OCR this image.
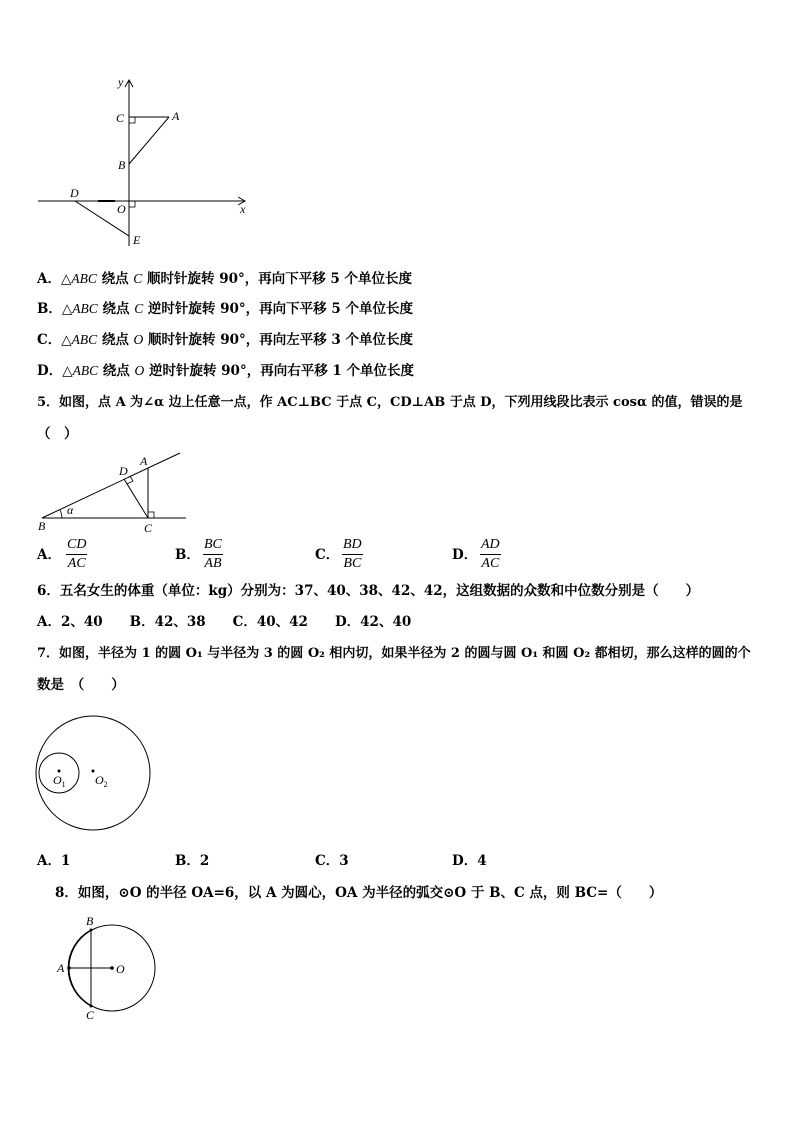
y
C	A
B
D
O	x
E
A．△ABC 绕点 C 顺时针旋转 90°，再向下平移 5 个单位长度
B．△ABC 绕点 C 逆时针旋转 90°，再向下平移 5 个单位长度
C．△ABC 绕点 O 顺时针旋转 90°，再向左平移 3 个单位长度
D．△ABC 绕点 O 逆时针旋转 90°，再向右平移 1 个单位长度
5．如图，点 A 为∠α 边上任意一点，作 AC⊥BC 于点 C，CD⊥AB 于点 D，下列用线段比表示 cosα 的值，错误的是
（　）
D
A
B	C
α
A． $\frac{CD}{AC}$	B． $\frac{BC}{AB}$	C． $\frac{BD}{BC}$	D． $\frac{AD}{AC}$
6．五名女生的体重（单位：kg）分别为：37、40、38、42、42，这组数据的众数和中位数分别是（　　）
A．2、40　　B．42、38　　C．40、42　　D．42、40
7．如图，半径为 1 的圆 O₁ 与半径为 3 的圆 O₂ 相内切，如果半径为 2 的圆与圆 O₁ 和圆 O₂ 都相切，那么这样的圆的个
数是　（　　）
$O_1$ $O_2$
A．1	B．2	C．3	D．4
8．如图，⊙O 的半径 OA=6，以 A 为圆心，OA 为半径的弧交⊙O 于 B、C 点，则 BC=（　　）
B
A	O
C
